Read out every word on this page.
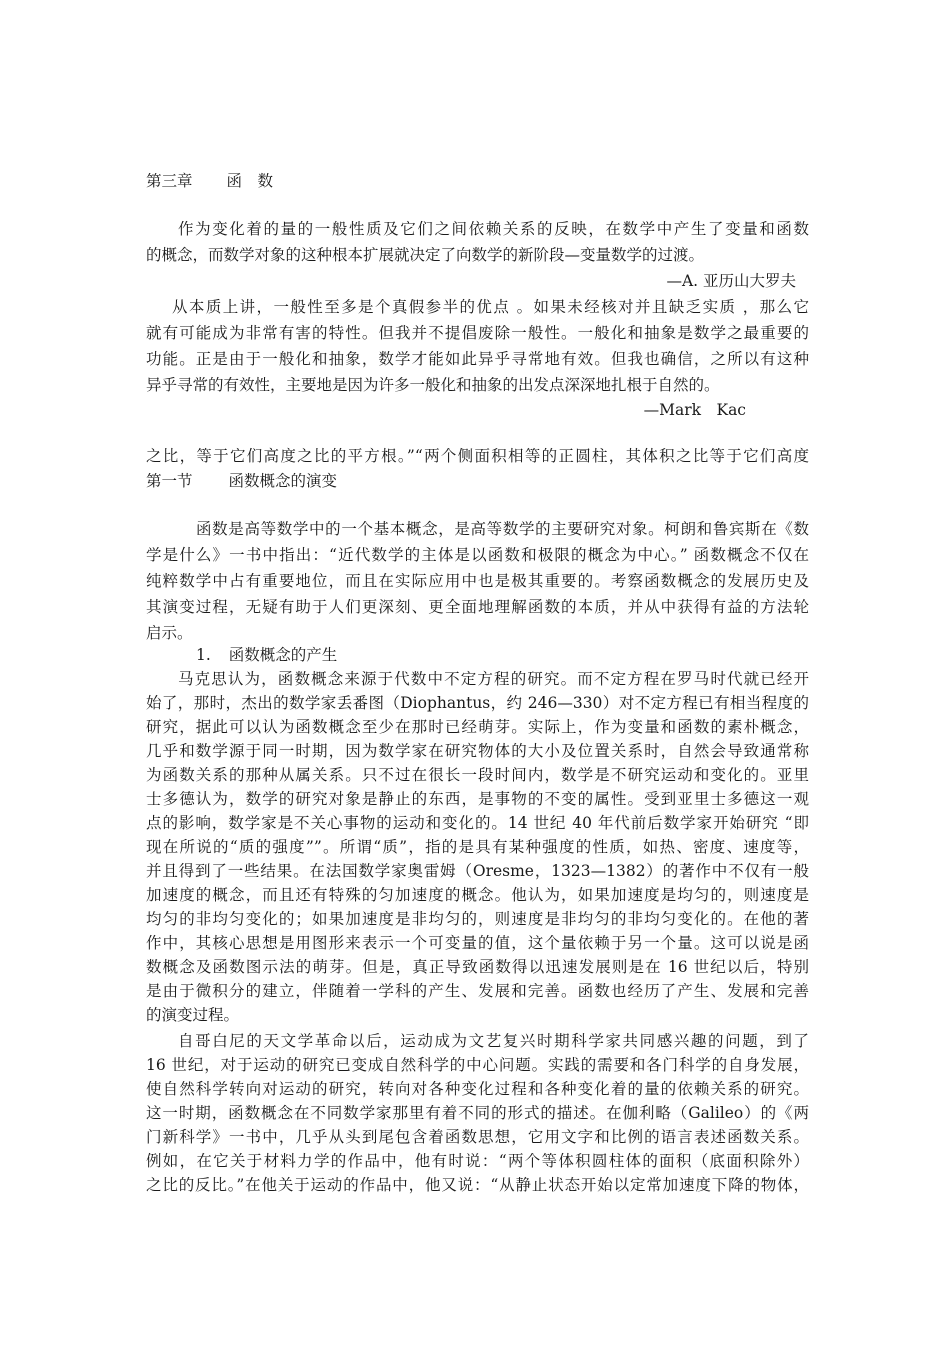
第三章 函　数
作为变化着的量的一般性质及它们之间依赖关系的反映，在数学中产生了变量和函数
的概念，而数学对象的这种根本扩展就决定了向数学的新阶段—变量数学的过渡。
—A. 亚历山大罗夫
从本质上讲，一般性至多是个真假参半的优点 。如果未经核对并且缺乏实质 ，那么它
就有可能成为非常有害的特性。但我并不提倡废除一般性。一般化和抽象是数学之最重要的
功能。正是由于一般化和抽象，数学才能如此异乎寻常地有效。但我也确信，之所以有这种
异乎寻常的有效性，主要地是因为许多一般化和抽象的出发点深深地扎根于自然的。
—Mark　Kac
之比，等于它们高度之比的平方根。”“两个侧面积相等的正圆柱，其体积之比等于它们高度
第一节 函数概念的演变
函数是高等数学中的一个基本概念，是高等数学的主要研究对象。柯朗和鲁宾斯在《数
学是什么》一书中指出：“近代数学的主体是以函数和极限的概念为中心。” 函数概念不仅在
纯粹数学中占有重要地位，而且在实际应用中也是极其重要的。考察函数概念的发展历史及
其演变过程，无疑有助于人们更深刻、更全面地理解函数的本质，并从中获得有益的方法轮
启示。
1. 函数概念的产生
马克思认为，函数概念来源于代数中不定方程的研究。而不定方程在罗马时代就已经开
始了，那时，杰出的数学家丢番图（Diophantus，约 246—330）对不定方程已有相当程度的
研究，据此可以认为函数概念至少在那时已经萌芽。实际上，作为变量和函数的素朴概念，
几乎和数学源于同一时期，因为数学家在研究物体的大小及位置关系时，自然会导致通常称
为函数关系的那种从属关系。只不过在很长一段时间内，数学是不研究运动和变化的。亚里
士多德认为，数学的研究对象是静止的东西，是事物的不变的属性。受到亚里士多德这一观
点的影响，数学家是不关心事物的运动和变化的。14 世纪 40 年代前后数学家开始研究 “即
现在所说的“质的强度””。所谓“质”，指的是具有某种强度的性质，如热、密度、速度等，
并且得到了一些结果。在法国数学家奥雷姆（Oresme，1323—1382）的著作中不仅有一般
加速度的概念，而且还有特殊的匀加速度的概念。他认为，如果加速度是均匀的，则速度是
均匀的非均匀变化的；如果加速度是非均匀的，则速度是非均匀的非均匀变化的。在他的著
作中，其核心思想是用图形来表示一个可变量的值，这个量依赖于另一个量。这可以说是函
数概念及函数图示法的萌芽。但是，真正导致函数得以迅速发展则是在 16 世纪以后，特别
是由于微积分的建立，伴随着一学科的产生、发展和完善。函数也经历了产生、发展和完善
的演变过程。
自哥白尼的天文学革命以后，运动成为文艺复兴时期科学家共同感兴趣的问题，到了
16 世纪，对于运动的研究已变成自然科学的中心问题。实践的需要和各门科学的自身发展，
使自然科学转向对运动的研究，转向对各种变化过程和各种变化着的量的依赖关系的研究。
这一时期，函数概念在不同数学家那里有着不同的形式的描述。在伽利略（Galileo）的《两
门新科学》一书中，几乎从头到尾包含着函数思想，它用文字和比例的语言表述函数关系。
例如，在它关于材料力学的作品中，他有时说：“两个等体积圆柱体的面积（底面积除外）
之比的反比。”在他关于运动的作品中，他又说：“从静止状态开始以定常加速度下降的物体，
